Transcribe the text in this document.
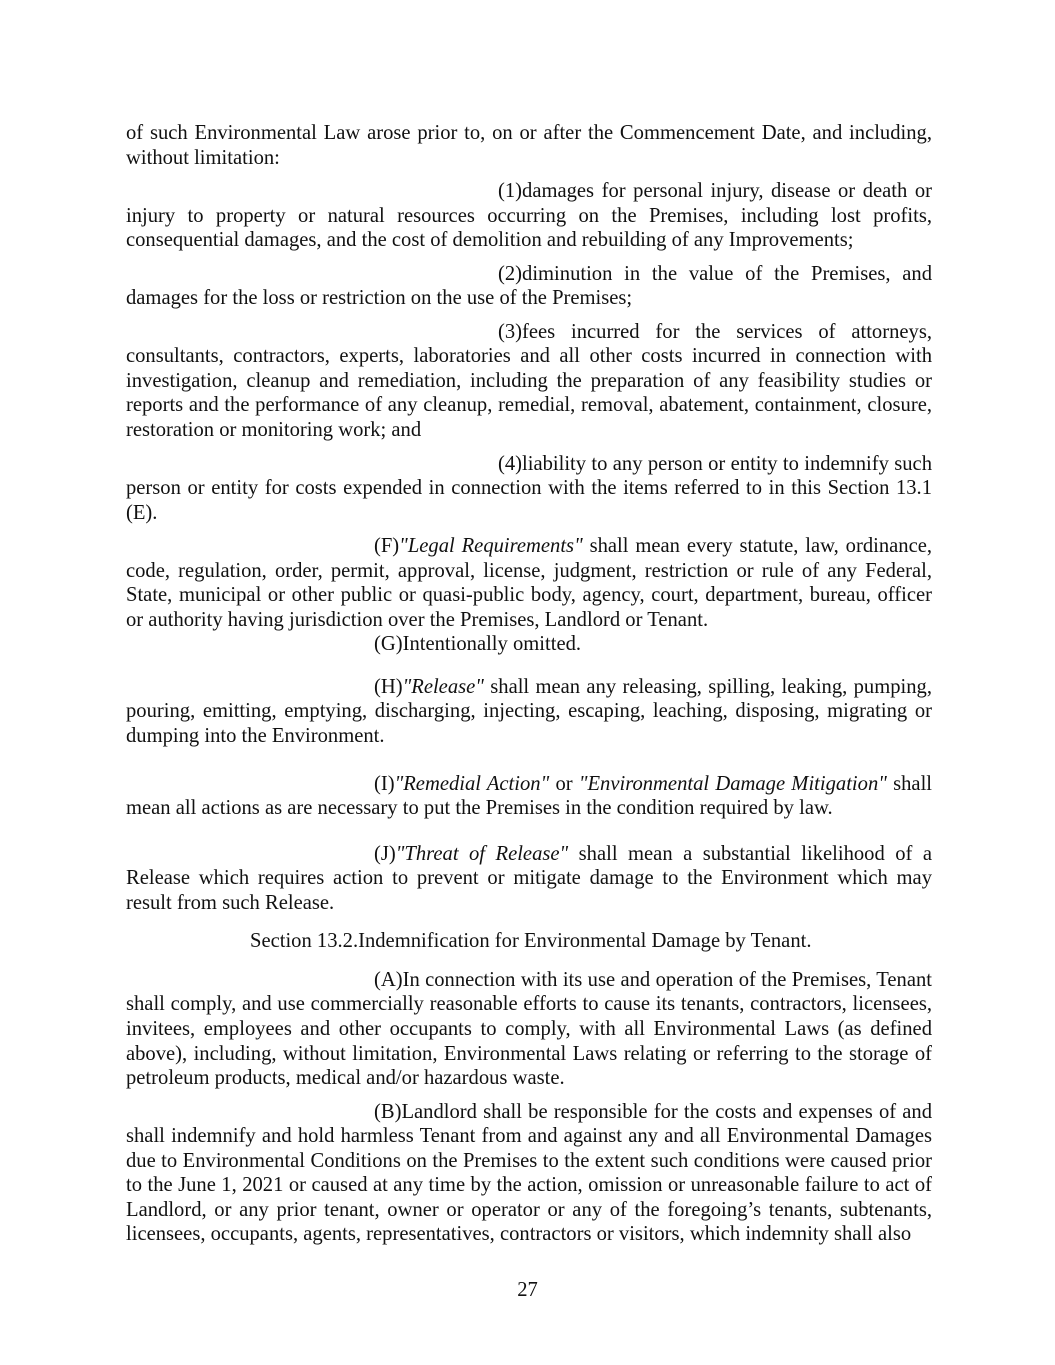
of such Environmental Law arose prior to, on or after the Commencement Date, and including, without limitation:

(1)damages for personal injury, disease or death or injury to property or natural resources occurring on the Premises, including lost profits, consequential damages, and the cost of demolition and rebuilding of any Improvements;

(2)diminution in the value of the Premises, and damages for the loss or restriction on the use of the Premises;

(3)fees incurred for the services of attorneys, consultants, contractors, experts, laboratories and all other costs incurred in connection with investigation, cleanup and remediation, including the preparation of any feasibility studies or reports and the performance of any cleanup, remedial, removal, abatement, containment, closure, restoration or monitoring work; and

(4)liability to any person or entity to indemnify such person or entity for costs expended in connection with the items referred to in this Section 13.1 (E).

(F)"Legal Requirements" shall mean every statute, law, ordinance, code, regulation, order, permit, approval, license, judgment, restriction or rule of any Federal, State, municipal or other public or quasi-public body, agency, court, department, bureau, officer or authority having jurisdiction over the Premises, Landlord or Tenant.

(G)Intentionally omitted.

(H)"Release" shall mean any releasing, spilling, leaking, pumping, pouring, emitting, emptying, discharging, injecting, escaping, leaching, disposing, migrating or dumping into the Environment.

(I)"Remedial Action" or "Environmental Damage Mitigation" shall mean all actions as are necessary to put the Premises in the condition required by law.

(J)"Threat of Release" shall mean a substantial likelihood of a Release which requires action to prevent or mitigate damage to the Environment which may result from such Release.

Section 13.2.Indemnification for Environmental Damage by Tenant.

(A)In connection with its use and operation of the Premises, Tenant shall comply, and use commercially reasonable efforts to cause its tenants, contractors, licensees, invitees, employees and other occupants to comply, with all Environmental Laws (as defined above), including, without limitation, Environmental Laws relating or referring to the storage of petroleum products, medical and/or hazardous waste.

(B)Landlord shall be responsible for the costs and expenses of and shall indemnify and hold harmless Tenant from and against any and all Environmental Damages due to Environmental Conditions on the Premises to the extent such conditions were caused prior to the June 1, 2021 or caused at any time by the action, omission or unreasonable failure to act of Landlord, or any prior tenant, owner or operator or any of the foregoing’s tenants, subtenants, licensees, occupants, agents, representatives, contractors or visitors, which indemnity shall also

27
